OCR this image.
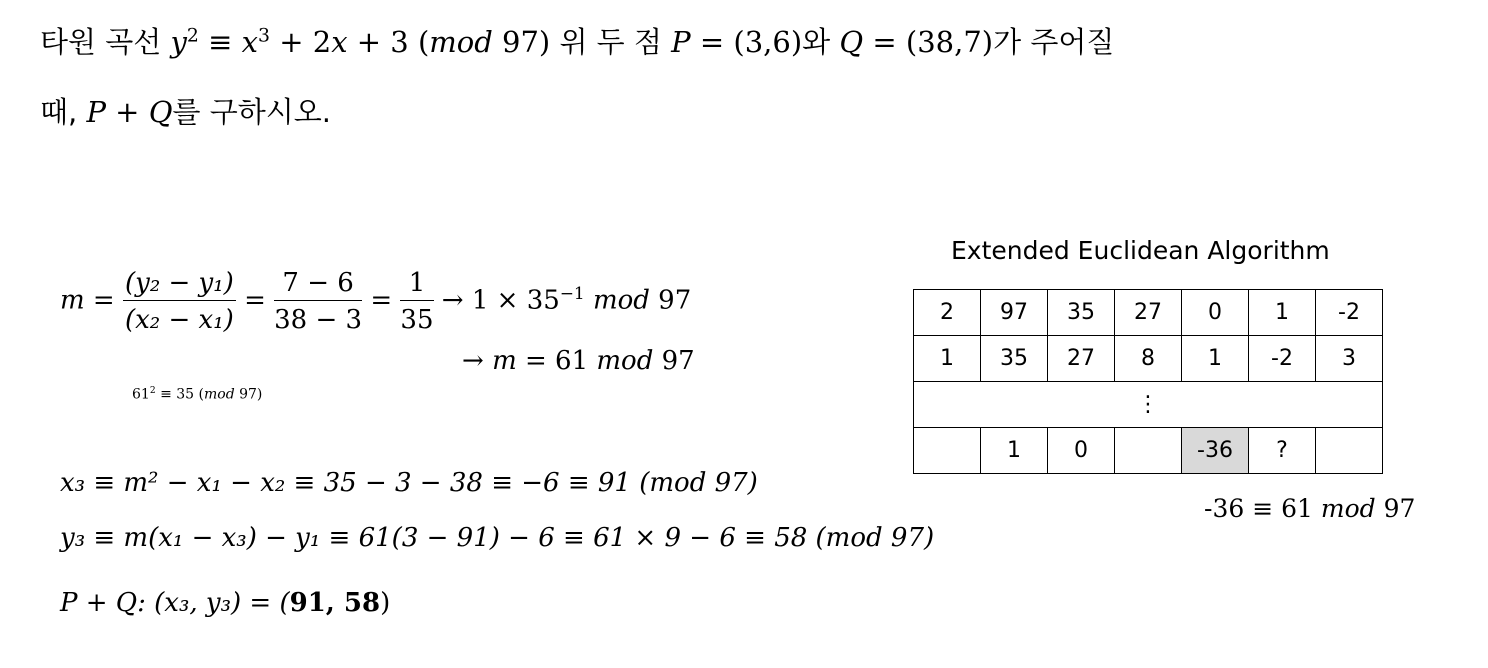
타원 곡선 $y^2 \equiv x^3 + 2x + 3$ (mod 97) 위 두 점 P = (3,6)와 Q = (38,7)가 주어질
때, P + Q를 구하시오.
$m = \frac{\text{(y₂ − y₁)}}{\text{(x₂ − x₁)}} = \frac{7 - 6}{38 - 3} = \frac{1}{35} \to 1 \times 35^{-1}$ mod 97
→ m = 61 mod 97
$61^2 \equiv 35$ (mod 97)
x₃ ≡ m² − x₁ − x₂ ≡ 35 − 3 − 38 ≡ −6 ≡ 91 (mod 97)
y₃ ≡ m(x₁ − x₃) − y₁ ≡ 61(3 − 91) − 6 ≡ 61 × 9 − 6 ≡ 58 (mod 97)
P + Q: (x₃, y₃) = (91, 58)
Extended Euclidean Algorithm
2	97	35	27	0	1	-2
1	35	27	8	1	-2	3
⋮						
	1	0		-36	?	
-36 ≡ 61 mod 97
